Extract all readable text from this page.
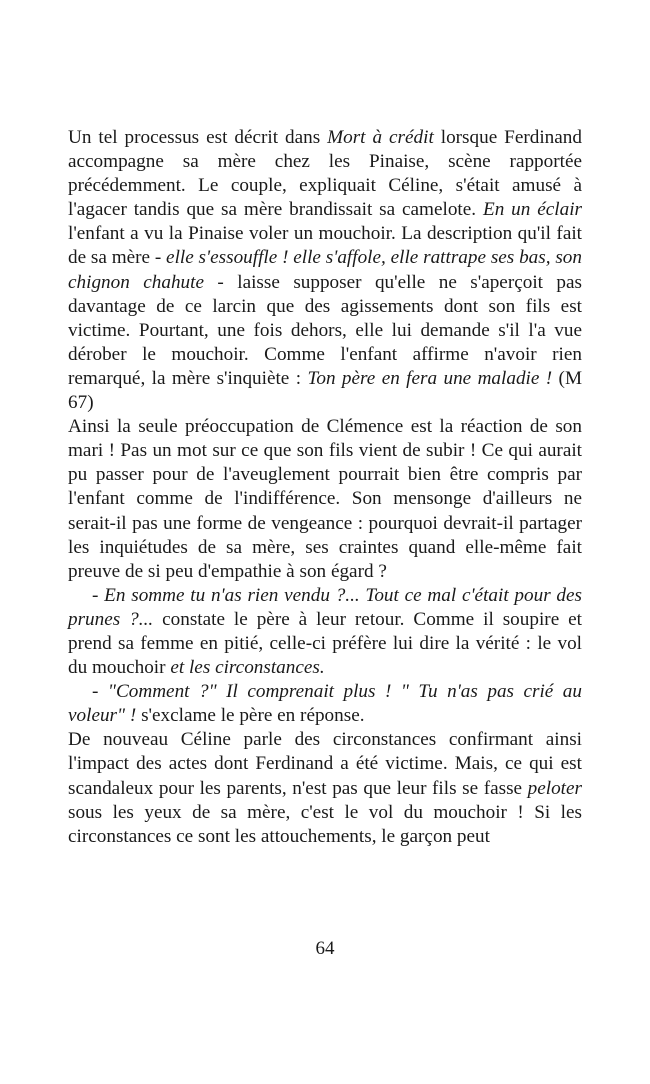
Un tel processus est décrit dans Mort à crédit lorsque Ferdinand accompagne sa mère chez les Pinaise, scène rapportée précédemment. Le couple, expliquait Céline, s'était amusé à l'agacer tandis que sa mère brandissait sa camelote. En un éclair l'enfant a vu la Pinaise voler un mouchoir. La description qu'il fait de sa mère - elle s'essouffle ! elle s'affole, elle rattrape ses bas, son chignon chahute - laisse supposer qu'elle ne s'aperçoit pas davantage de ce larcin que des agissements dont son fils est victime. Pourtant, une fois dehors, elle lui demande s'il l'a vue dérober le mouchoir. Comme l'enfant affirme n'avoir rien remarqué, la mère s'inquiète : Ton père en fera une maladie ! (M 67)

Ainsi la seule préoccupation de Clémence est la réaction de son mari ! Pas un mot sur ce que son fils vient de subir ! Ce qui aurait pu passer pour de l'aveuglement pourrait bien être compris par l'enfant comme de l'indifférence. Son mensonge d'ailleurs ne serait-il pas une forme de vengeance : pourquoi devrait-il partager les inquiétudes de sa mère, ses craintes quand elle-même fait preuve de si peu d'empathie à son égard ?

- En somme tu n'as rien vendu ?... Tout ce mal c'était pour des prunes ?... constate le père à leur retour. Comme il soupire et prend sa femme en pitié, celle-ci préfère lui dire la vérité : le vol du mouchoir et les circonstances.

- "Comment ?" Il comprenait plus ! " Tu n'as pas crié au voleur" ! s'exclame le père en réponse.

De nouveau Céline parle des circonstances confirmant ainsi l'impact des actes dont Ferdinand a été victime. Mais, ce qui est scandaleux pour les parents, n'est pas que leur fils se fasse peloter sous les yeux de sa mère, c'est le vol du mouchoir ! Si les circonstances ce sont les attouchements, le garçon peut

64
